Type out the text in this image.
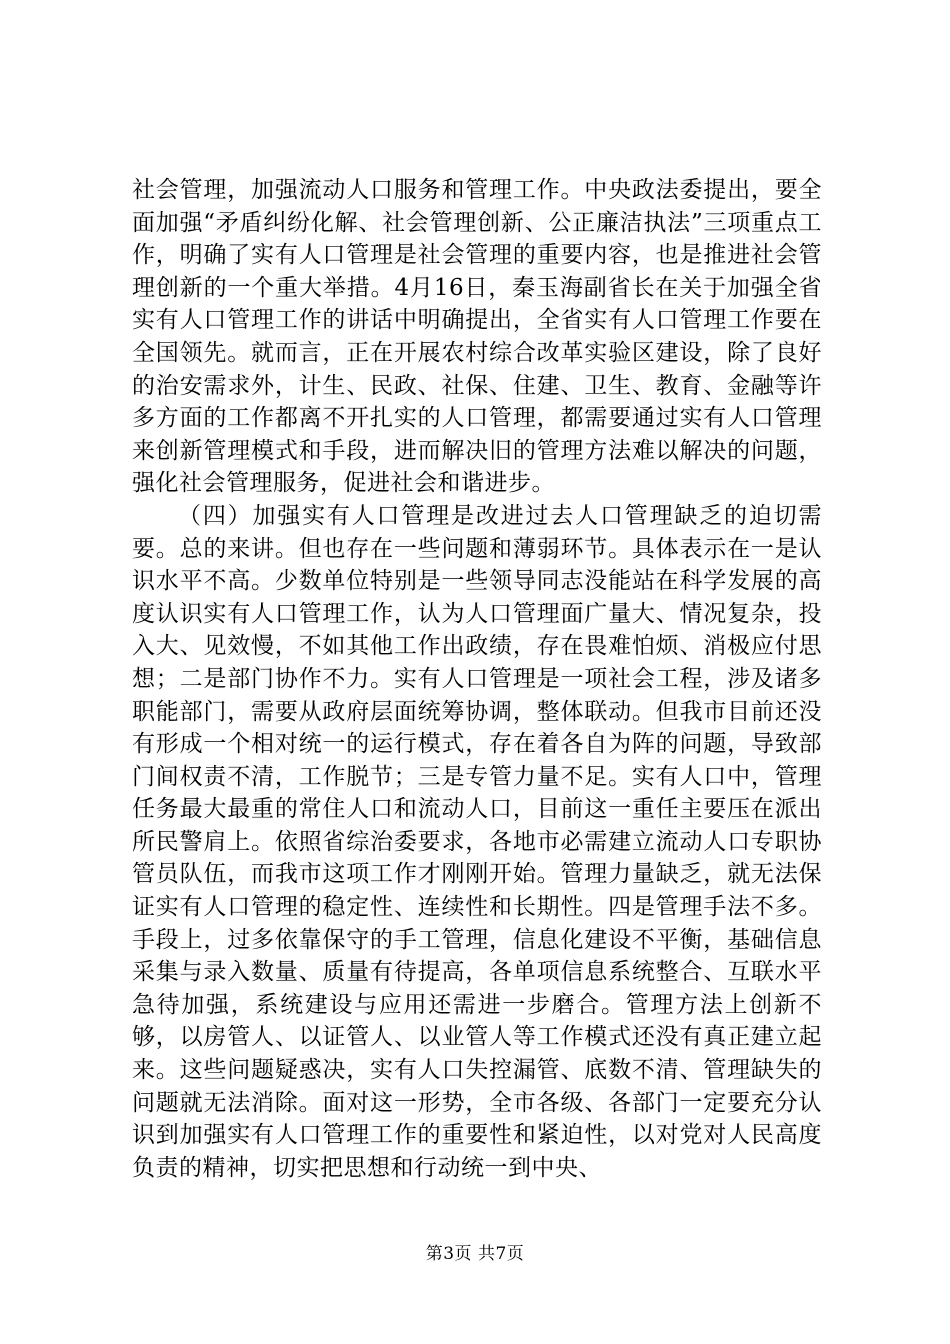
社会管理，加强流动人口服务和管理工作。中央政法委提出，要全面加强“矛盾纠纷化解、社会管理创新、公正廉洁执法”三项重点工作，明确了实有人口管理是社会管理的重要内容，也是推进社会管理创新的一个重大举措。4月16日，秦玉海副省长在关于加强全省实有人口管理工作的讲话中明确提出，全省实有人口管理工作要在全国领先。就而言，正在开展农村综合改革实验区建设，除了良好的治安需求外，计生、民政、社保、住建、卫生、教育、金融等许多方面的工作都离不开扎实的人口管理，都需要通过实有人口管理来创新管理模式和手段，进而解决旧的管理方法难以解决的问题，强化社会管理服务，促进社会和谐进步。

（四）加强实有人口管理是改进过去人口管理缺乏的迫切需要。总的来讲。但也存在一些问题和薄弱环节。具体表示在一是认识水平不高。少数单位特别是一些领导同志没能站在科学发展的高度认识实有人口管理工作，认为人口管理面广量大、情况复杂，投入大、见效慢，不如其他工作出政绩，存在畏难怕烦、消极应付思想；二是部门协作不力。实有人口管理是一项社会工程，涉及诸多职能部门，需要从政府层面统筹协调，整体联动。但我市目前还没有形成一个相对统一的运行模式，存在着各自为阵的问题，导致部门间权责不清，工作脱节；三是专管力量不足。实有人口中，管理任务最大最重的常住人口和流动人口，目前这一重任主要压在派出所民警肩上。依照省综治委要求，各地市必需建立流动人口专职协管员队伍，而我市这项工作才刚刚开始。管理力量缺乏，就无法保证实有人口管理的稳定性、连续性和长期性。四是管理手法不多。手段上，过多依靠保守的手工管理，信息化建设不平衡，基础信息采集与录入数量、质量有待提高，各单项信息系统整合、互联水平急待加强，系统建设与应用还需进一步磨合。管理方法上创新不够，以房管人、以证管人、以业管人等工作模式还没有真正建立起来。这些问题疑惑决，实有人口失控漏管、底数不清、管理缺失的问题就无法消除。面对这一形势，全市各级、各部门一定要充分认识到加强实有人口管理工作的重要性和紧迫性，以对党对人民高度负责的精神，切实把思想和行动统一到中央、

第3页 共7页
